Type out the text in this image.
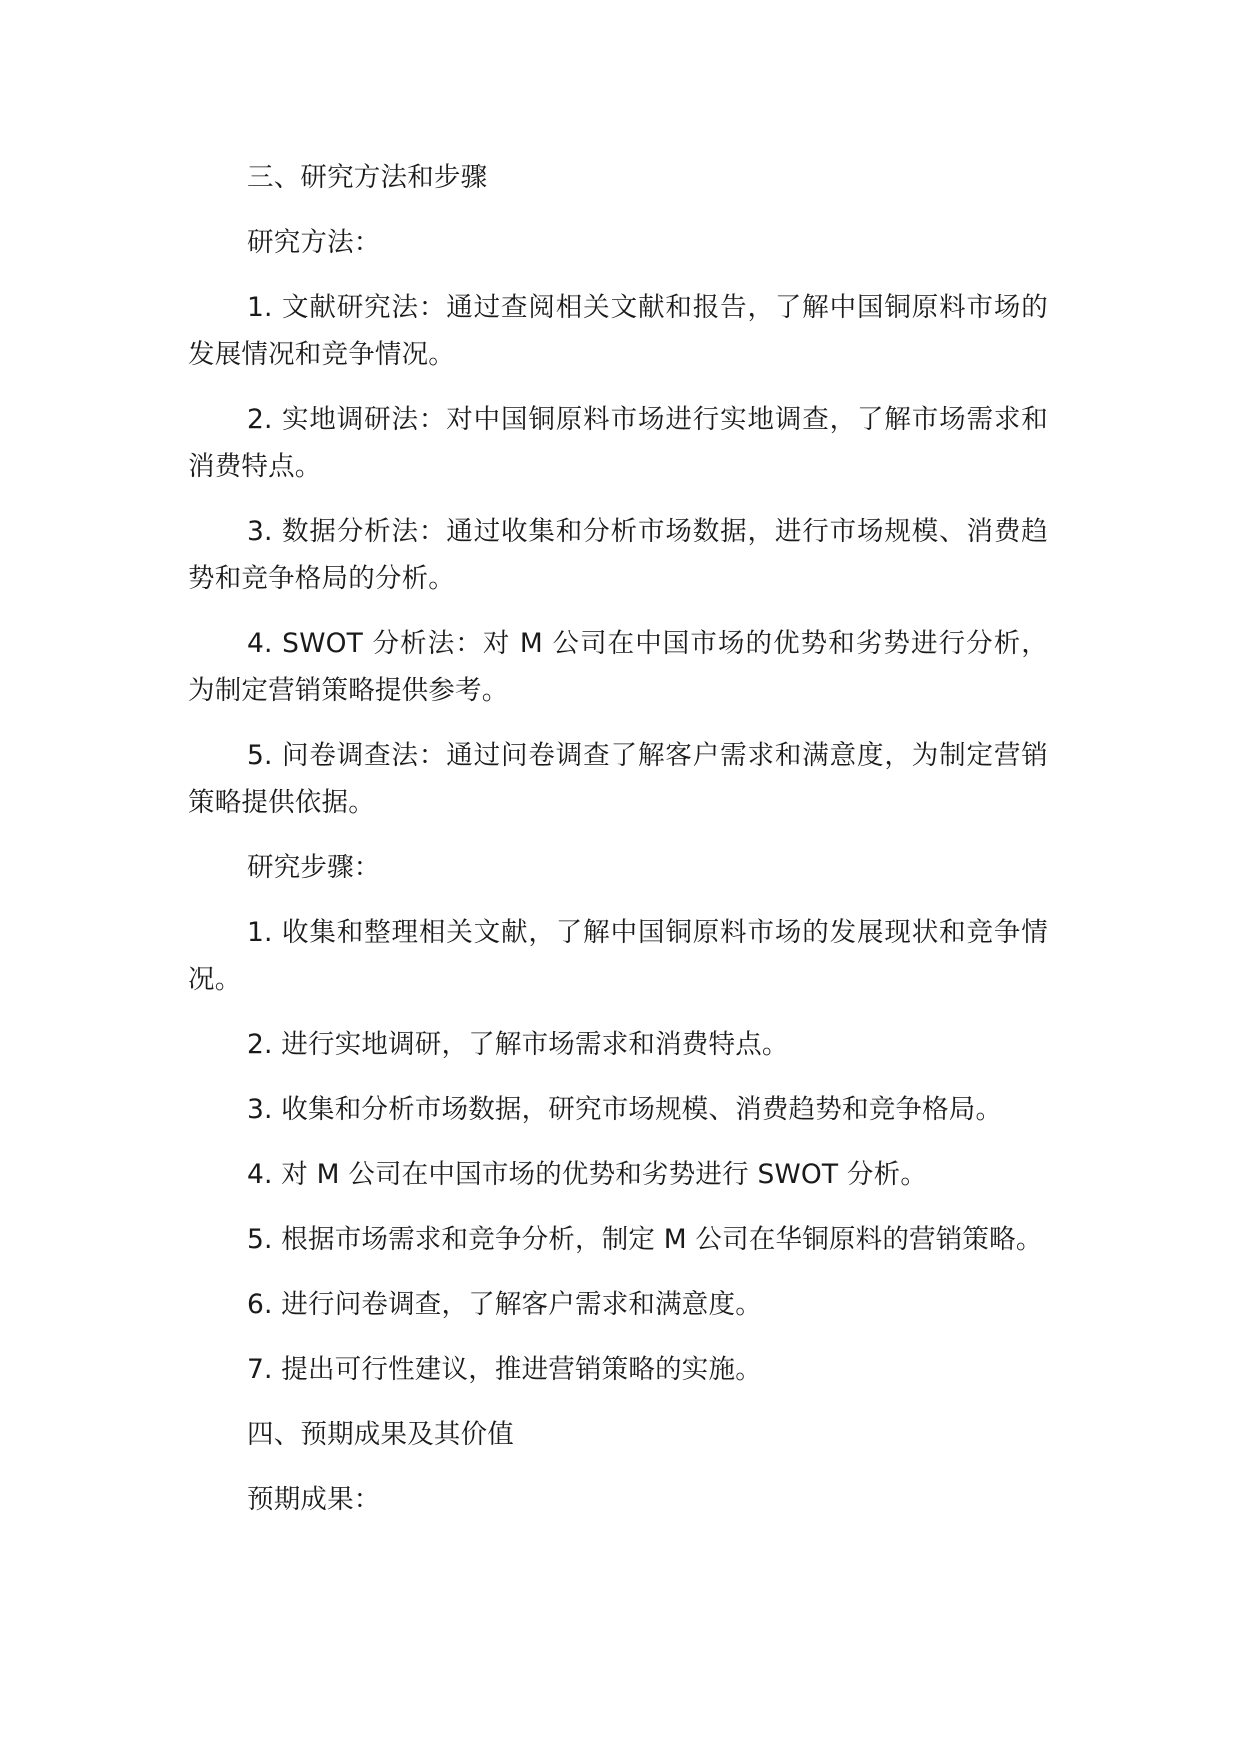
三、研究方法和步骤

研究方法：

1. 文献研究法：通过查阅相关文献和报告，了解中国铜原料市场的发展情况和竞争情况。

2. 实地调研法：对中国铜原料市场进行实地调查，了解市场需求和消费特点。

3. 数据分析法：通过收集和分析市场数据，进行市场规模、消费趋势和竞争格局的分析。

4. SWOT 分析法：对 M 公司在中国市场的优势和劣势进行分析，为制定营销策略提供参考。

5. 问卷调查法：通过问卷调查了解客户需求和满意度，为制定营销策略提供依据。

研究步骤：

1. 收集和整理相关文献，了解中国铜原料市场的发展现状和竞争情况。

2. 进行实地调研，了解市场需求和消费特点。

3. 收集和分析市场数据，研究市场规模、消费趋势和竞争格局。

4. 对 M 公司在中国市场的优势和劣势进行 SWOT 分析。

5. 根据市场需求和竞争分析，制定 M 公司在华铜原料的营销策略。

6. 进行问卷调查，了解客户需求和满意度。

7. 提出可行性建议，推进营销策略的实施。

四、预期成果及其价值

预期成果：
